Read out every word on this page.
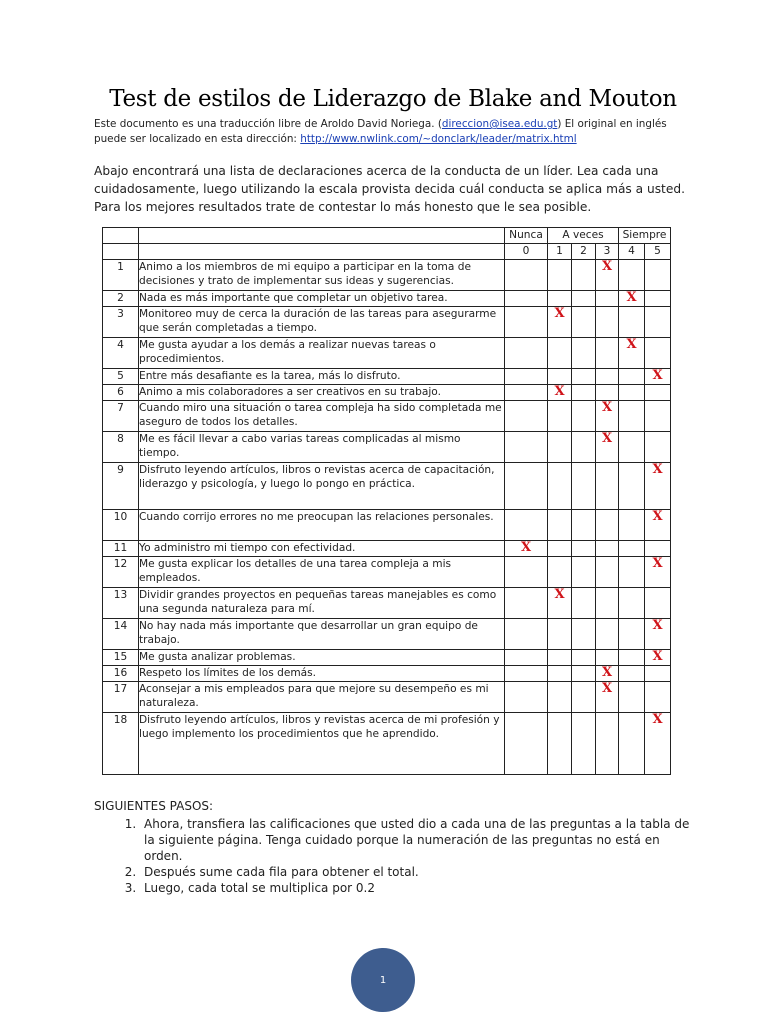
Test de estilos de Liderazgo de Blake and Mouton
Este documento es una traducción libre de Aroldo David Noriega. (direccion@isea.edu.gt) El original en inglés puede ser localizado en esta dirección: http://www.nwlink.com/~donclark/leader/matrix.html

Abajo encontrará una lista de declaraciones acerca de la conducta de un líder. Lea cada una cuidadosamente, luego utilizando la escala provista decida cuál conducta se aplica más a usted. Para los mejores resultados trate de contestar lo más honesto que le sea posible.

		Nunca	A veces			Siempre	
		0	1	2	3	4	5
1	Animo a los miembros de mi equipo a participar en la toma de decisiones y trato de implementar sus ideas y sugerencias.				X		
2	Nada es más importante que completar un objetivo tarea.					X	
3	Monitoreo muy de cerca la duración de las tareas para asegurarme que serán completadas a tiempo.		X				
4	Me gusta ayudar a los demás a realizar nuevas tareas o procedimientos.					X	
5	Entre más desafiante es la tarea, más lo disfruto.						X
6	Animo a mis colaboradores a ser creativos en su trabajo.		X				
7	Cuando miro una situación o tarea compleja ha sido completada me aseguro de todos los detalles.				X		
8	Me es fácil llevar a cabo varias tareas complicadas al mismo tiempo.				X		
9	Disfruto leyendo artículos, libros o revistas acerca de capacitación, liderazgo y psicología, y luego lo pongo en práctica.						X
10	Cuando corrijo errores no me preocupan las relaciones personales.						X
11	Yo administro mi tiempo con efectividad.	X					
12	Me gusta explicar los detalles de una tarea compleja a mis empleados.						X
13	Dividir grandes proyectos en pequeñas tareas manejables es como una segunda naturaleza para mí.		X				
14	No hay nada más importante que desarrollar un gran equipo de trabajo.						X
15	Me gusta analizar problemas.						X
16	Respeto los límites de los demás.				X		
17	Aconsejar a mis empleados para que mejore su desempeño es mi naturaleza.				X		
18	Disfruto leyendo artículos, libros y revistas acerca de mi profesión y luego implemento los procedimientos que he aprendido.						X

SIGUIENTES PASOS:

1. Ahora, transfiera las calificaciones que usted dio a cada una de las preguntas a la tabla de la siguiente página. Tenga cuidado porque la numeración de las preguntas no está en orden.
2. Después sume cada fila para obtener el total.
3. Luego, cada total se multiplica por 0.2
1
